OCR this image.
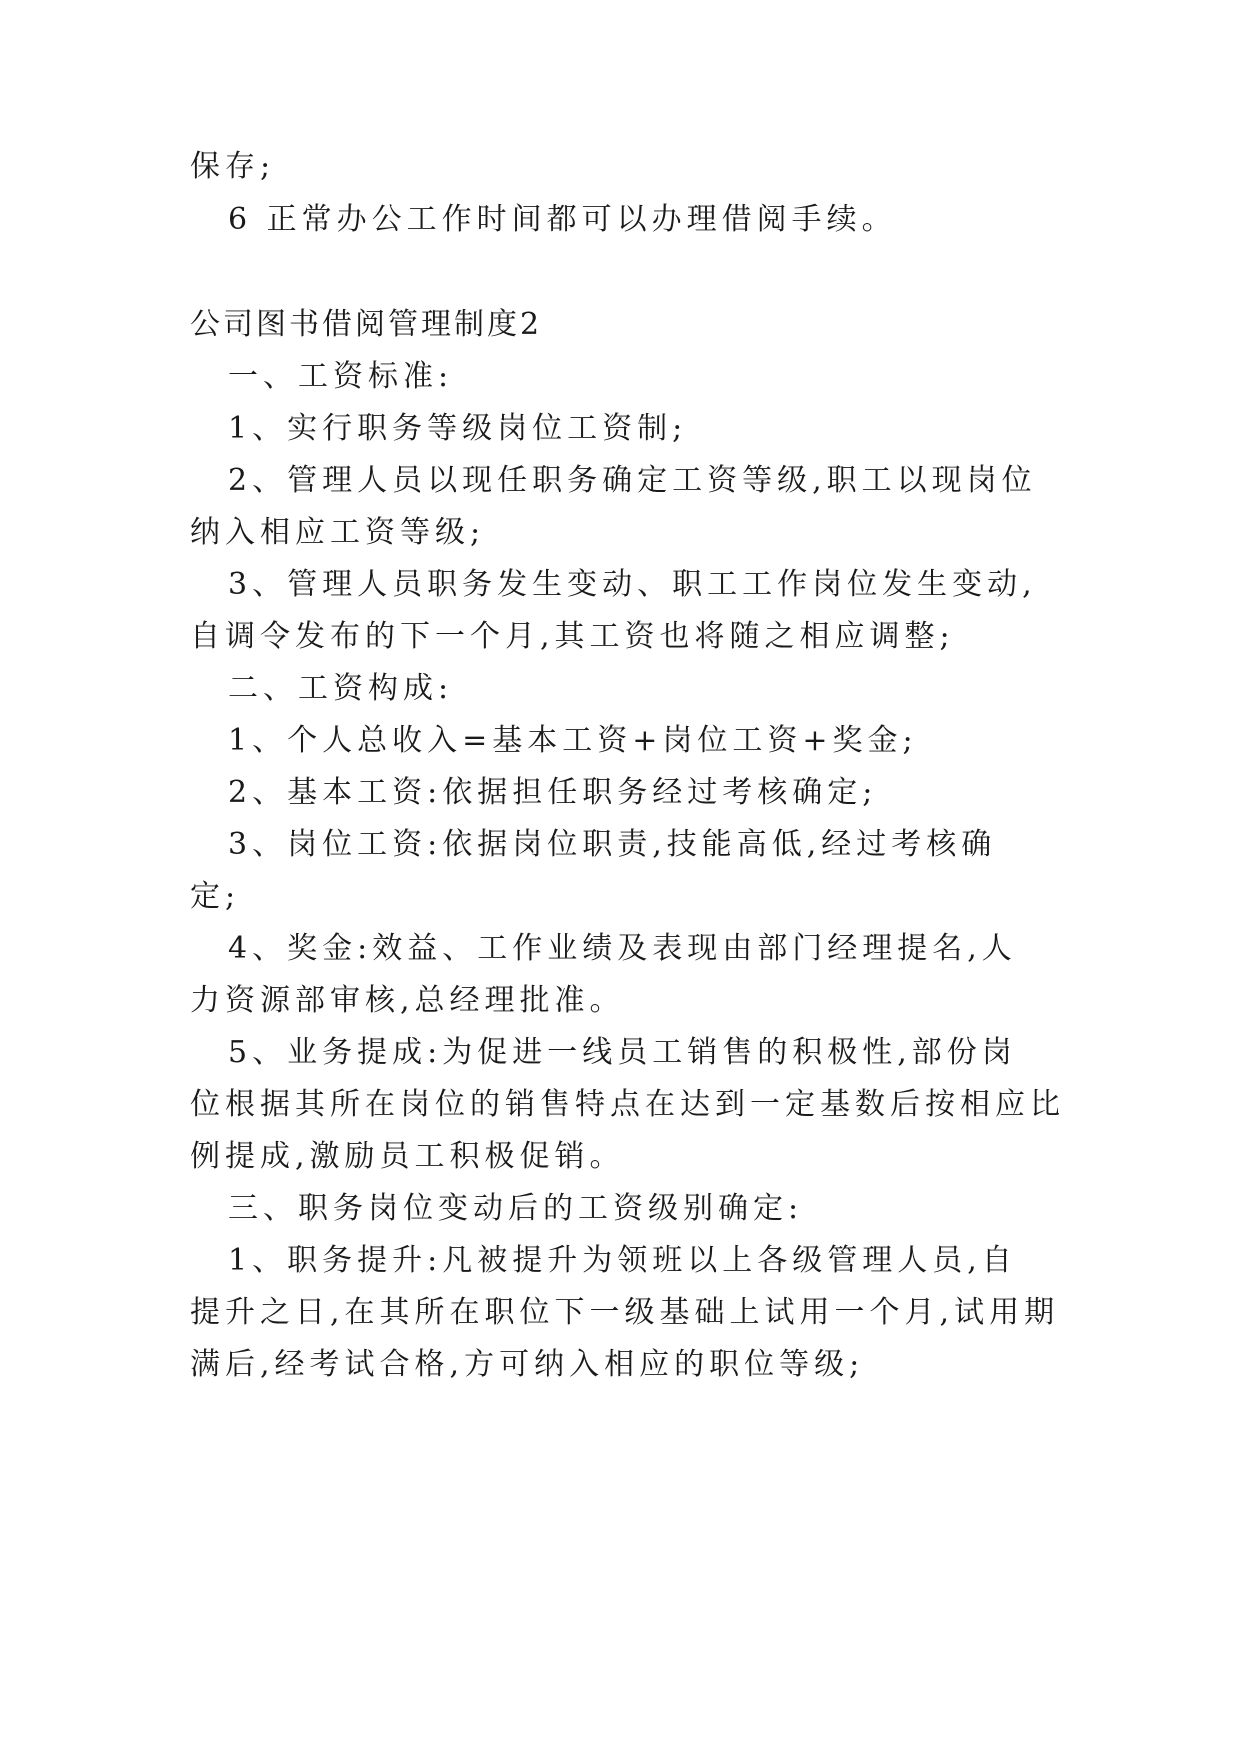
保存;
6 正常办公工作时间都可以办理借阅手续。
公司图书借阅管理制度2
一、工资标准:
1、实行职务等级岗位工资制;
2、管理人员以现任职务确定工资等级,职工以现岗位
纳入相应工资等级;
3、管理人员职务发生变动、职工工作岗位发生变动,
自调令发布的下一个月,其工资也将随之相应调整;
二、工资构成:
1、个人总收入=基本工资+岗位工资+奖金;
2、基本工资:依据担任职务经过考核确定;
3、岗位工资:依据岗位职责,技能高低,经过考核确
定;
4、奖金:效益、工作业绩及表现由部门经理提名,人
力资源部审核,总经理批准。
5、业务提成:为促进一线员工销售的积极性,部份岗
位根据其所在岗位的销售特点在达到一定基数后按相应比
例提成,激励员工积极促销。
三、职务岗位变动后的工资级别确定:
1、职务提升:凡被提升为领班以上各级管理人员,自
提升之日,在其所在职位下一级基础上试用一个月,试用期
满后,经考试合格,方可纳入相应的职位等级;
